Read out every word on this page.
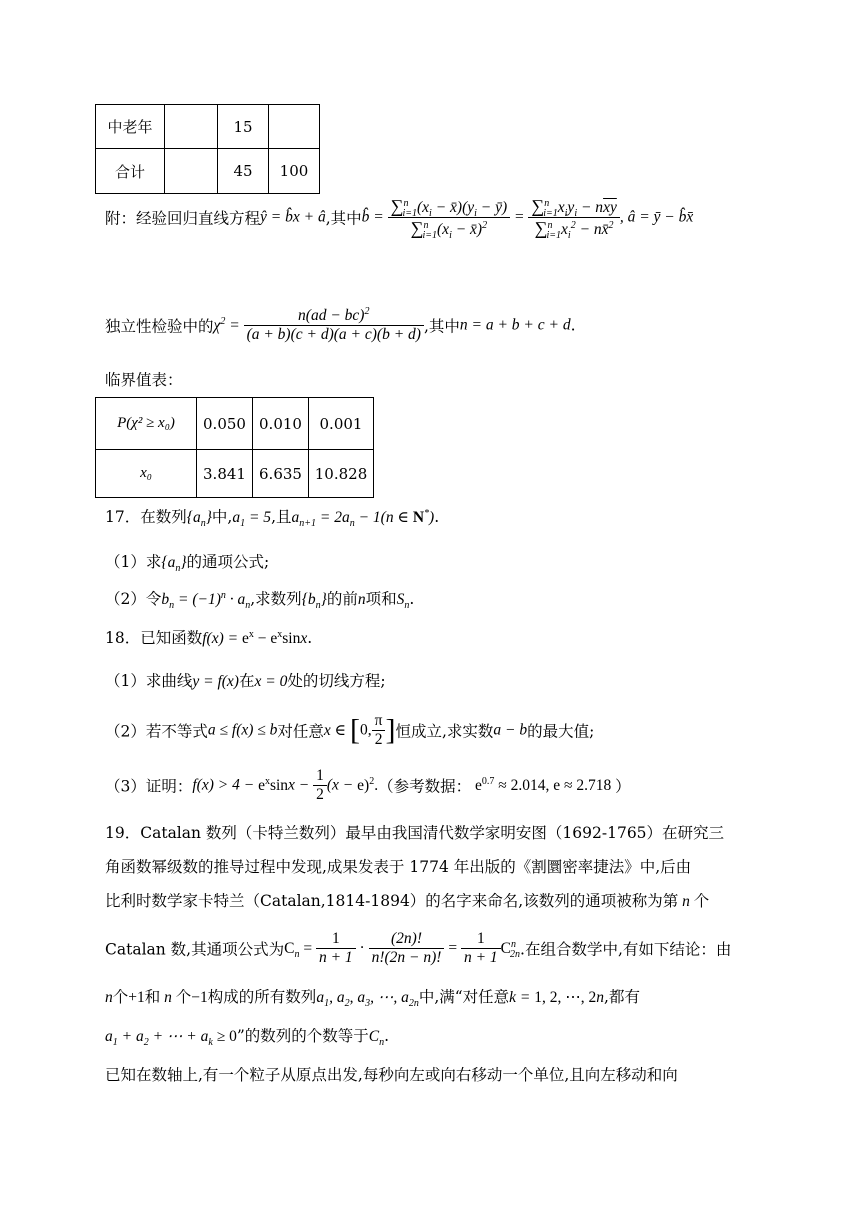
中老年		15	
合计		45	100
附：经验回归直线方程ŷ = b̂x + â,其中b̂ = $\frac{\sum^n_{i=1}(x_i - x̄)(y_i - ȳ)}{\sum^n_{i=1}(x_i - x̄)^2} = \frac{\sum^n_{i=1}x_iy_i - n\overline{xy}}{\sum^n_{i=1}x_i^2 - nx̄^2}$ , â = ȳ − b̂x̄
独立性检验中的$\chi^2 = \frac{n(ad - bc)^2}{(a + b)(c + d)(a + c)(b + d)}$ ,其中n = a + b + c + d.
临界值表：
P(χ² ≥ x₀)	0.050	0.010	0.001
x₀	3.841	6.635	10.828
17．在数列$\{a_n\}$中$,a_1 = 5$,且$a_{n+1} = 2a_n - 1(n$ ∈ N*).
（1）求$\{a_n\}$的通项公式;
（2）令$b_n = (-1)^n \cdot a_n$,求数列$\{b_n\}$的前n项和$S_n$.
18．已知函数$f(x) = e^x - e^x\sin x$.
（1）求曲线y = f(x)在x = 0处的切线方程;
（2）若不等式a ≤ f(x) ≤ b对任意x ∈ [0, $\frac{\pi}{2}$ ]恒成立,求实数a − b的最大值;
（3）证明：$f(x) > 4 - e^x\sin x - \frac{1}{2} (x - e)^2$.（参考数据： $e^{0.7} \approx 2.014$, e ≈ 2.718 ）
19．Catalan 数列（卡特兰数列）最早由我国清代数学家明安图（1692-1765）在研究三
角函数幂级数的推导过程中发现,成果发表于 1774 年出版的《割圜密率捷法》中,后由
比利时数学家卡特兰（Catalan,1814-1894）的名字来命名,该数列的通项被称为第 n 个
Catalan 数,其通项公式为$C_n = \frac{1}{n + 1} \cdot \frac{(2n)!}{n!(2n - n)!} = \frac{1}{n + 1} C^n_{2n}$.在组合数学中,有如下结论：由
n个+1和 n 个−1构成的所有数列$a_1$, $a_2$, $a_3$, ⋯, $a_{2n}$中,满“对任意k = 1, 2, ⋯, 2n,都有
$a_1 + a_2$ + ⋯ + $a_k \ge 0$”的数列的个数等于$C_n$.
已知在数轴上,有一个粒子从原点出发,每秒向左或向右移动一个单位,且向左移动和向
